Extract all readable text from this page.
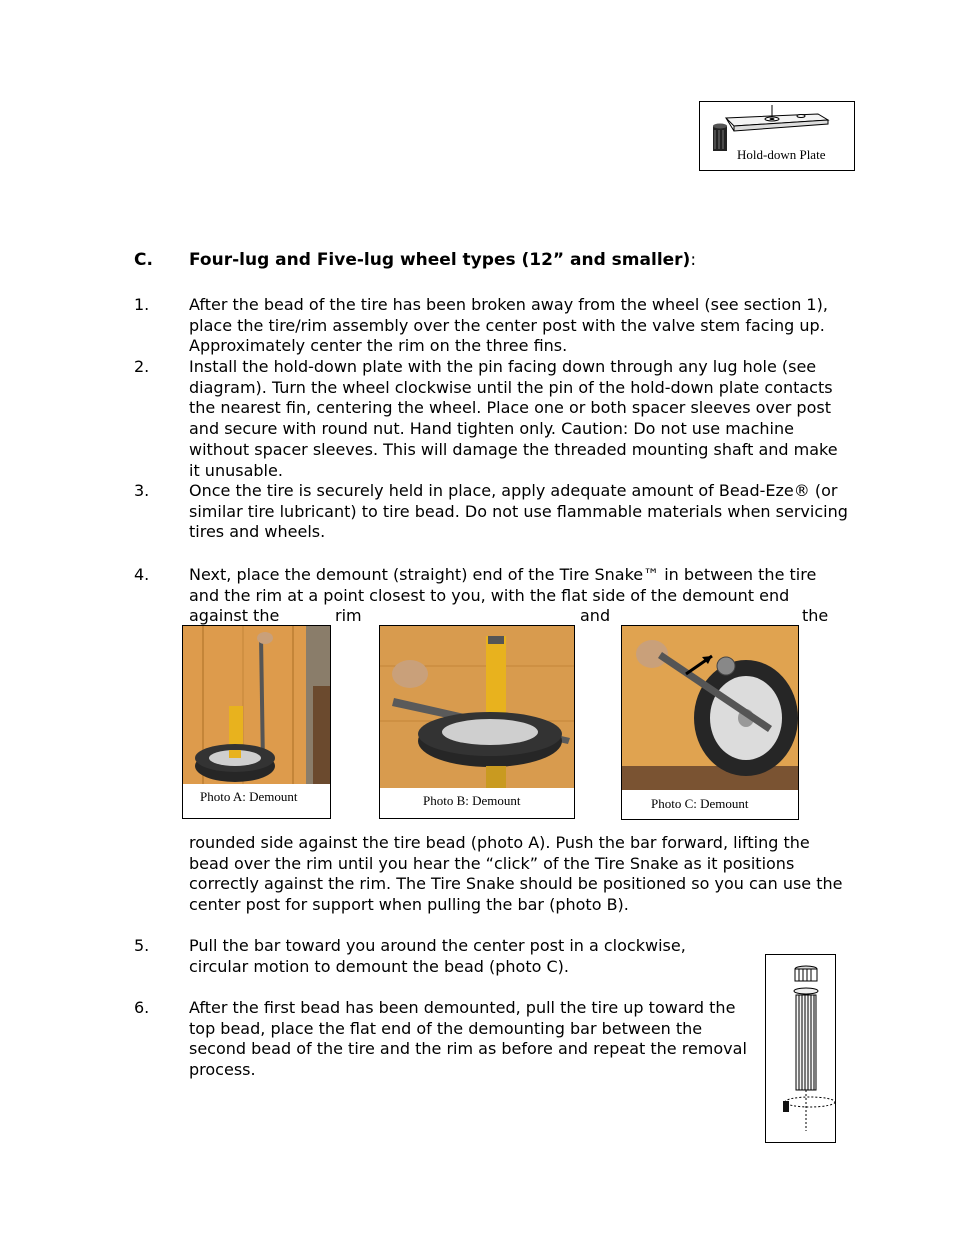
Hold-down Plate
C. Four-lug and Five-lug wheel types (12” and smaller):
1. After the bead of the tire has been broken away from the wheel (see section 1), place the tire/rim assembly over the center post with the valve stem facing up. Approximately center the rim on the three fins.
2. Install the hold-down plate with the pin facing down through any lug hole (see diagram). Turn the wheel clockwise until the pin of the hold-down plate contacts the nearest fin, centering the wheel. Place one or both spacer sleeves over post and secure with round nut. Hand tighten only. Caution: Do not use machine without spacer sleeves. This will damage the threaded mounting shaft and make it unusable.
3. Once the tire is securely held in place, apply adequate amount of Bead-Eze® (or similar tire lubricant) to tire bead. Do not use flammable materials when servicing tires and wheels.
4. Next, place the demount (straight) end of the Tire Snake™ in between the tire and the rim at a point closest to you, with the flat side of the demount end against the	rim	and	the
Photo A: Demount	Photo B: Demount	Photo C: Demount
rounded side against the tire bead (photo A). Push the bar forward, lifting the bead over the rim until you hear the “click” of the Tire Snake as it positions correctly against the rim. The Tire Snake should be positioned so you can use the center post for support when pulling the bar (photo B).
5. Pull the bar toward you around the center post in a clockwise, circular motion to demount the bead (photo C).
6. After the first bead has been demounted, pull the tire up toward the top bead, place the flat end of the demounting bar between the second bead of the tire and the rim as before and repeat the removal process.
